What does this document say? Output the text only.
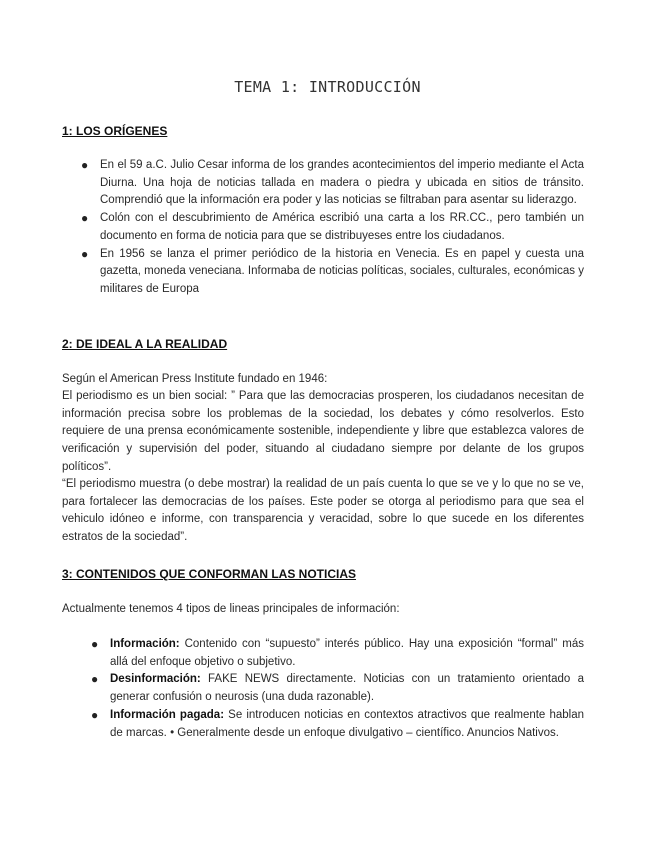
TEMA 1: INTRODUCCIÓN
1: LOS ORÍGENES
● En el 59 a.C. Julio Cesar informa de los grandes acontecimientos del imperio mediante el Acta Diurna. Una hoja de noticias tallada en madera o piedra y ubicada en sitios de tránsito. Comprendió que la información era poder y las noticias se filtraban para asentar su liderazgo.
● Colón con el descubrimiento de América escribió una carta a los RR.CC., pero también un documento en forma de noticia para que se distribuyeses entre los ciudadanos.
● En 1956 se lanza el primer periódico de la historia en Venecia. Es en papel y cuesta una gazetta, moneda veneciana. Informaba de noticias políticas, sociales, culturales, económicas y militares de Europa
2: DE IDEAL A LA REALIDAD

Según el American Press Institute fundado en 1946:

El periodismo es un bien social: ” Para que las democracias prosperen, los ciudadanos necesitan de información precisa sobre los problemas de la sociedad, los debates y cómo resolverlos. Esto requiere de una prensa económicamente sostenible, independiente y libre que establezca valores de verificación y supervisión del poder, situando al ciudadano siempre por delante de los grupos políticos”.

“El periodismo muestra (o debe mostrar) la realidad de un país cuenta lo que se ve y lo que no se ve, para fortalecer las democracias de los países. Este poder se otorga al periodismo para que sea el vehiculo idóneo e informe, con transparencia y veracidad, sobre lo que sucede en los diferentes estratos de la sociedad”.

3: CONTENIDOS QUE CONFORMAN LAS NOTICIAS

Actualmente tenemos 4 tipos de lineas principales de información:

● Información: Contenido con “supuesto” interés público. Hay una exposición “formal” más allá del enfoque objetivo o subjetivo.
● Desinformación: FAKE NEWS directamente. Noticias con un tratamiento orientado a generar confusión o neurosis (una duda razonable).
● Información pagada: Se introducen noticias en contextos atractivos que realmente hablan de marcas. • Generalmente desde un enfoque divulgativo – científico. Anuncios Nativos.
